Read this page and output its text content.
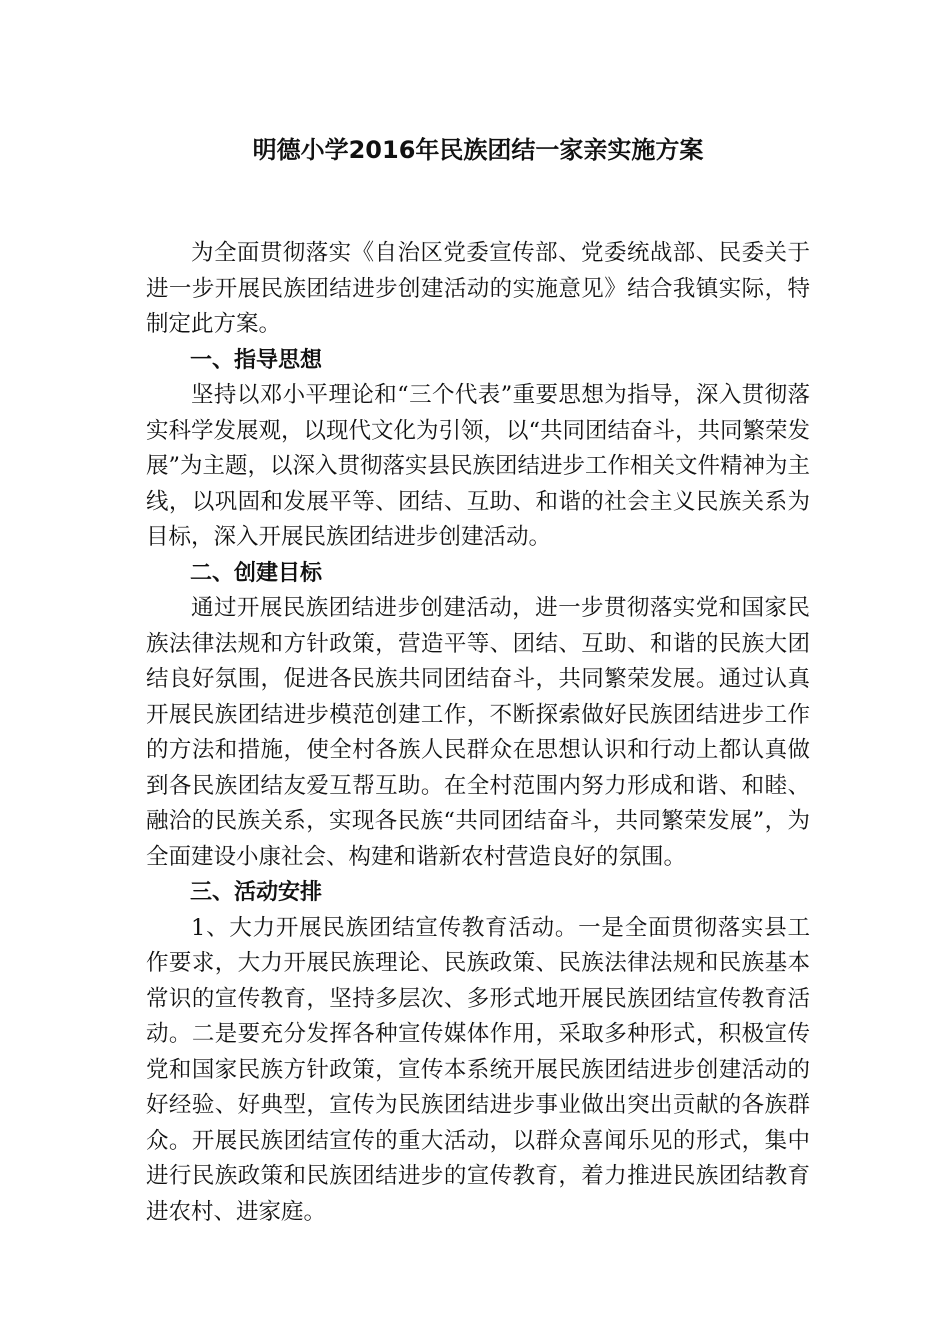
明德小学2016年民族团结一家亲实施方案

为全面贯彻落实《自治区党委宣传部、党委统战部、民委关于进一步开展民族团结进步创建活动的实施意见》结合我镇实际，特制定此方案。

一、指导思想

坚持以邓小平理论和“三个代表”重要思想为指导，深入贯彻落实科学发展观，以现代文化为引领，以“共同团结奋斗，共同繁荣发展”为主题，以深入贯彻落实县民族团结进步工作相关文件精神为主线，以巩固和发展平等、团结、互助、和谐的社会主义民族关系为目标，深入开展民族团结进步创建活动。

二、创建目标

通过开展民族团结进步创建活动，进一步贯彻落实党和国家民族法律法规和方针政策，营造平等、团结、互助、和谐的民族大团结良好氛围，促进各民族共同团结奋斗，共同繁荣发展。通过认真开展民族团结进步模范创建工作，不断探索做好民族团结进步工作的方法和措施，使全村各族人民群众在思想认识和行动上都认真做到各民族团结友爱互帮互助。在全村范围内努力形成和谐、和睦、融洽的民族关系，实现各民族“共同团结奋斗，共同繁荣发展”，为全面建设小康社会、构建和谐新农村营造良好的氛围。

三、活动安排

1、大力开展民族团结宣传教育活动。一是全面贯彻落实县工作要求，大力开展民族理论、民族政策、民族法律法规和民族基本常识的宣传教育，坚持多层次、多形式地开展民族团结宣传教育活动。二是要充分发挥各种宣传媒体作用，采取多种形式，积极宣传党和国家民族方针政策，宣传本系统开展民族团结进步创建活动的好经验、好典型，宣传为民族团结进步事业做出突出贡献的各族群众。开展民族团结宣传的重大活动，以群众喜闻乐见的形式，集中进行民族政策和民族团结进步的宣传教育，着力推进民族团结教育进农村、进家庭。
